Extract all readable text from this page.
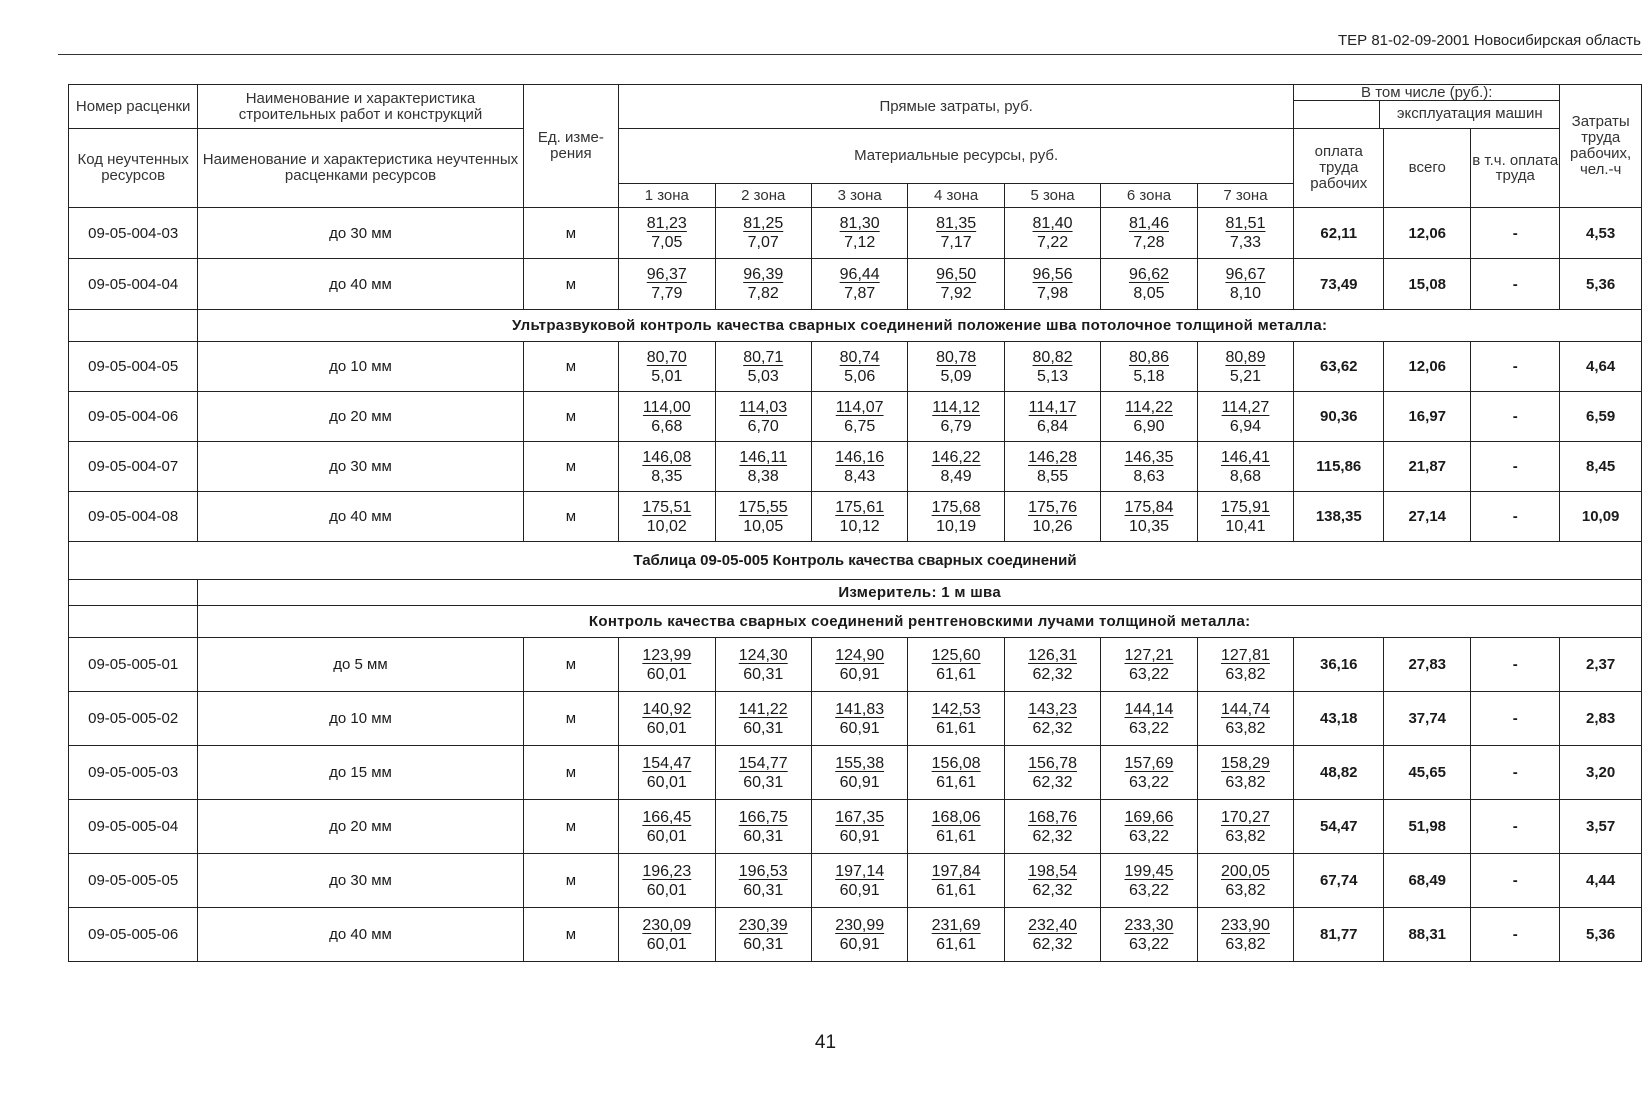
ТЕР 81-02-09-2001 Новосибирская область
Номер расценки	Наименование и характеристика строительных работ и конструкций	Ед. изме-рения	Прямые затраты, руб.							В том числе (руб.):
эксплуатация машин			Затраты труда рабочих, чел.-ч
Код неучтенных ресурсов	Наименование и характеристика неучтенных расценками ресурсов		Материальные ресурсы, руб.							оплата труда рабочих	всего	в т.ч. оплата труда	
			1 зона	2 зона	3 зона	4 зона	5 зона	6 зона	7 зона				
09-05-004-03	до 30 мм	м	$\frac{81,23}{7,05}$	$\frac{81,25}{7,07}$	$\frac{81,30}{7,12}$	$\frac{81,35}{7,17}$	$\frac{81,40}{7,22}$	$\frac{81,46}{7,28}$	$\frac{81,51}{7,33}$	62,11	12,06	-	4,53
09-05-004-04	до 40 мм	м	$\frac{96,37}{7,79}$	$\frac{96,39}{7,82}$	$\frac{96,44}{7,87}$	$\frac{96,50}{7,92}$	$\frac{96,56}{7,98}$	$\frac{96,62}{8,05}$	$\frac{96,67}{8,10}$	73,49	15,08	-	5,36
	Ультразвуковой контроль качества сварных соединений положение шва потолочное толщиной металла:												
09-05-004-05	до 10 мм	м	$\frac{80,70}{5,01}$	$\frac{80,71}{5,03}$	$\frac{80,74}{5,06}$	$\frac{80,78}{5,09}$	$\frac{80,82}{5,13}$	$\frac{80,86}{5,18}$	$\frac{80,89}{5,21}$	63,62	12,06	-	4,64
09-05-004-06	до 20 мм	м	$\frac{114,00}{6,68}$	$\frac{114,03}{6,70}$	$\frac{114,07}{6,75}$	$\frac{114,12}{6,79}$	$\frac{114,17}{6,84}$	$\frac{114,22}{6,90}$	$\frac{114,27}{6,94}$	90,36	16,97	-	6,59
09-05-004-07	до 30 мм	м	$\frac{146,08}{8,35}$	$\frac{146,11}{8,38}$	$\frac{146,16}{8,43}$	$\frac{146,22}{8,49}$	$\frac{146,28}{8,55}$	$\frac{146,35}{8,63}$	$\frac{146,41}{8,68}$	115,86	21,87	-	8,45
09-05-004-08	до 40 мм	м	$\frac{175,51}{10,02}$	$\frac{175,55}{10,05}$	$\frac{175,61}{10,12}$	$\frac{175,68}{10,19}$	$\frac{175,76}{10,26}$	$\frac{175,84}{10,35}$	$\frac{175,91}{10,41}$	138,35	27,14	-	10,09
Таблица 09-05-005 Контроль качества сварных соединений													
	Измеритель: 1 м шва												
	Контроль качества сварных соединений рентгеновскими лучами толщиной металла:												
09-05-005-01	до 5 мм	м	$\frac{123,99}{60,01}$	$\frac{124,30}{60,31}$	$\frac{124,90}{60,91}$	$\frac{125,60}{61,61}$	$\frac{126,31}{62,32}$	$\frac{127,21}{63,22}$	$\frac{127,81}{63,82}$	36,16	27,83	-	2,37
09-05-005-02	до 10 мм	м	$\frac{140,92}{60,01}$	$\frac{141,22}{60,31}$	$\frac{141,83}{60,91}$	$\frac{142,53}{61,61}$	$\frac{143,23}{62,32}$	$\frac{144,14}{63,22}$	$\frac{144,74}{63,82}$	43,18	37,74	-	2,83
09-05-005-03	до 15 мм	м	$\frac{154,47}{60,01}$	$\frac{154,77}{60,31}$	$\frac{155,38}{60,91}$	$\frac{156,08}{61,61}$	$\frac{156,78}{62,32}$	$\frac{157,69}{63,22}$	$\frac{158,29}{63,82}$	48,82	45,65	-	3,20
09-05-005-04	до 20 мм	м	$\frac{166,45}{60,01}$	$\frac{166,75}{60,31}$	$\frac{167,35}{60,91}$	$\frac{168,06}{61,61}$	$\frac{168,76}{62,32}$	$\frac{169,66}{63,22}$	$\frac{170,27}{63,82}$	54,47	51,98	-	3,57
09-05-005-05	до 30 мм	м	$\frac{196,23}{60,01}$	$\frac{196,53}{60,31}$	$\frac{197,14}{60,91}$	$\frac{197,84}{61,61}$	$\frac{198,54}{62,32}$	$\frac{199,45}{63,22}$	$\frac{200,05}{63,82}$	67,74	68,49	-	4,44
09-05-005-06	до 40 мм	м	$\frac{230,09}{60,01}$	$\frac{230,39}{60,31}$	$\frac{230,99}{60,91}$	$\frac{231,69}{61,61}$	$\frac{232,40}{62,32}$	$\frac{233,30}{63,22}$	$\frac{233,90}{63,82}$	81,77	88,31	-	5,36
41
